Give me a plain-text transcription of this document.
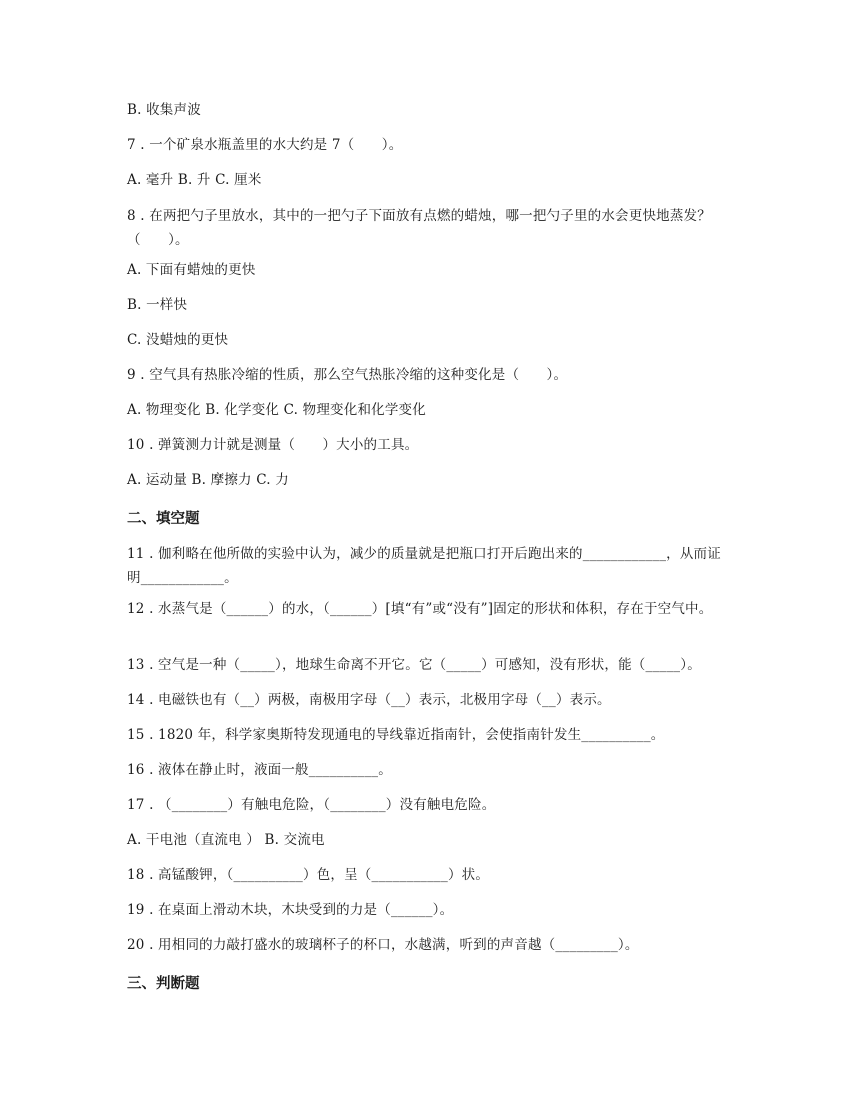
B. 收集声波
7 . 一个矿泉水瓶盖里的水大约是 7（　　）。
A. 毫升 B. 升 C. 厘米
8 . 在两把勺子里放水，其中的一把勺子下面放有点燃的蜡烛，哪一把勺子里的水会更快地蒸发？（　　）。
A. 下面有蜡烛的更快
B. 一样快
C. 没蜡烛的更快
9 . 空气具有热胀冷缩的性质，那么空气热胀冷缩的这种变化是（　　）。
A. 物理变化 B. 化学变化 C. 物理变化和化学变化
10 . 弹簧测力计就是测量（　　）大小的工具。
A. 运动量 B. 摩擦力 C. 力
二、填空题
11 . 伽利略在他所做的实验中认为，减少的质量就是把瓶口打开后跑出来的____________，从而证明____________。
12 . 水蒸气是（______）的水，（______）[填“有”或“没有”]固定的形状和体积，存在于空气中。
13 . 空气是一种（_____），地球生命离不开它。它（_____）可感知，没有形状，能（_____）。
14 . 电磁铁也有（__）两极，南极用字母（__）表示，北极用字母（__）表示。
15 . 1820 年，科学家奥斯特发现通电的导线靠近指南针，会使指南针发生__________。
16 . 液体在静止时，液面一般__________。
17 . （________）有触电危险，（________）没有触电危险。
A. 干电池（直流电 ） B. 交流电
18 . 高锰酸钾，（__________）色，呈（___________）状。
19 . 在桌面上滑动木块，木块受到的力是（______）。
20 . 用相同的力敲打盛水的玻璃杯子的杯口，水越满，听到的声音越（_________）。
三、判断题
